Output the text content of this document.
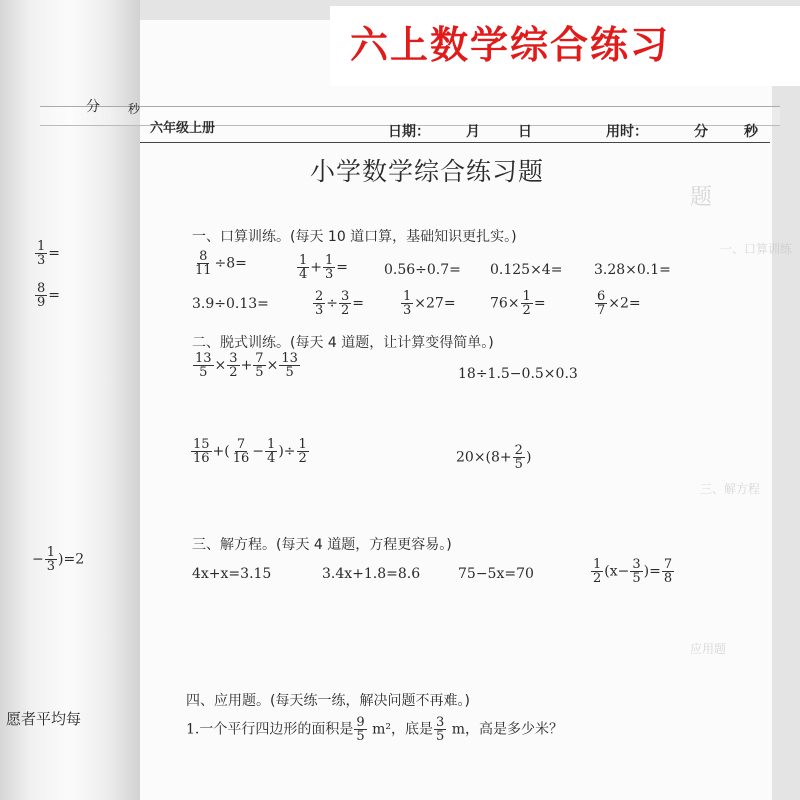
题
一、口算训练
三、解方程
应用题
六上数学综合练习
分 秒
$\frac{1}{3}$ =
$\frac{8}{9}$ =
− $\frac{1}{3} )=2$
愿者平均每
六年级上册	日期：	月	日	用时：	分	秒
小学数学综合练习题
一、口算训练。(每天 10 道口算，基础知识更扎实。)
$\frac{8}{11} \div 8=$	$\frac{1}{4} + \frac{1}{3}$ =	0.56÷0.7= 0.125×4= 3.28×0.1=
3.9÷0.13=	$\frac{2}{3} \div \frac{3}{2}$ =	$\frac{1}{3} \times 27= 76\times \frac{1}{2}$ =	$\frac{6}{7} \times 2=$
二、脱式训练。(每天 4 道题，让计算变得简单。)
$\frac{13}{5} \times \frac{3}{2} + \frac{7}{5} \times \frac{13}{5}$	18÷1.5−0.5×0.3
$\frac{15}{16}$ +( $\frac{7}{16} - \frac{1}{4}$ )÷ $\frac{1}{2}$	$20\times(8+ \frac{2}{5}$ )
三、解方程。(每天 4 道题，方程更容易。)
4x+x=3.15	3.4x+1.8=8.6	75−5x=70	$\frac{1}{2} (x- \frac{3}{5}$ )= $\frac{7}{8}$
四、应用题。(每天练一练，解决问题不再难。)
1.一个平行四边形的面积是 $\frac{9}{5} m^2$，底是 $\frac{3}{5}$ m，高是多少米？
